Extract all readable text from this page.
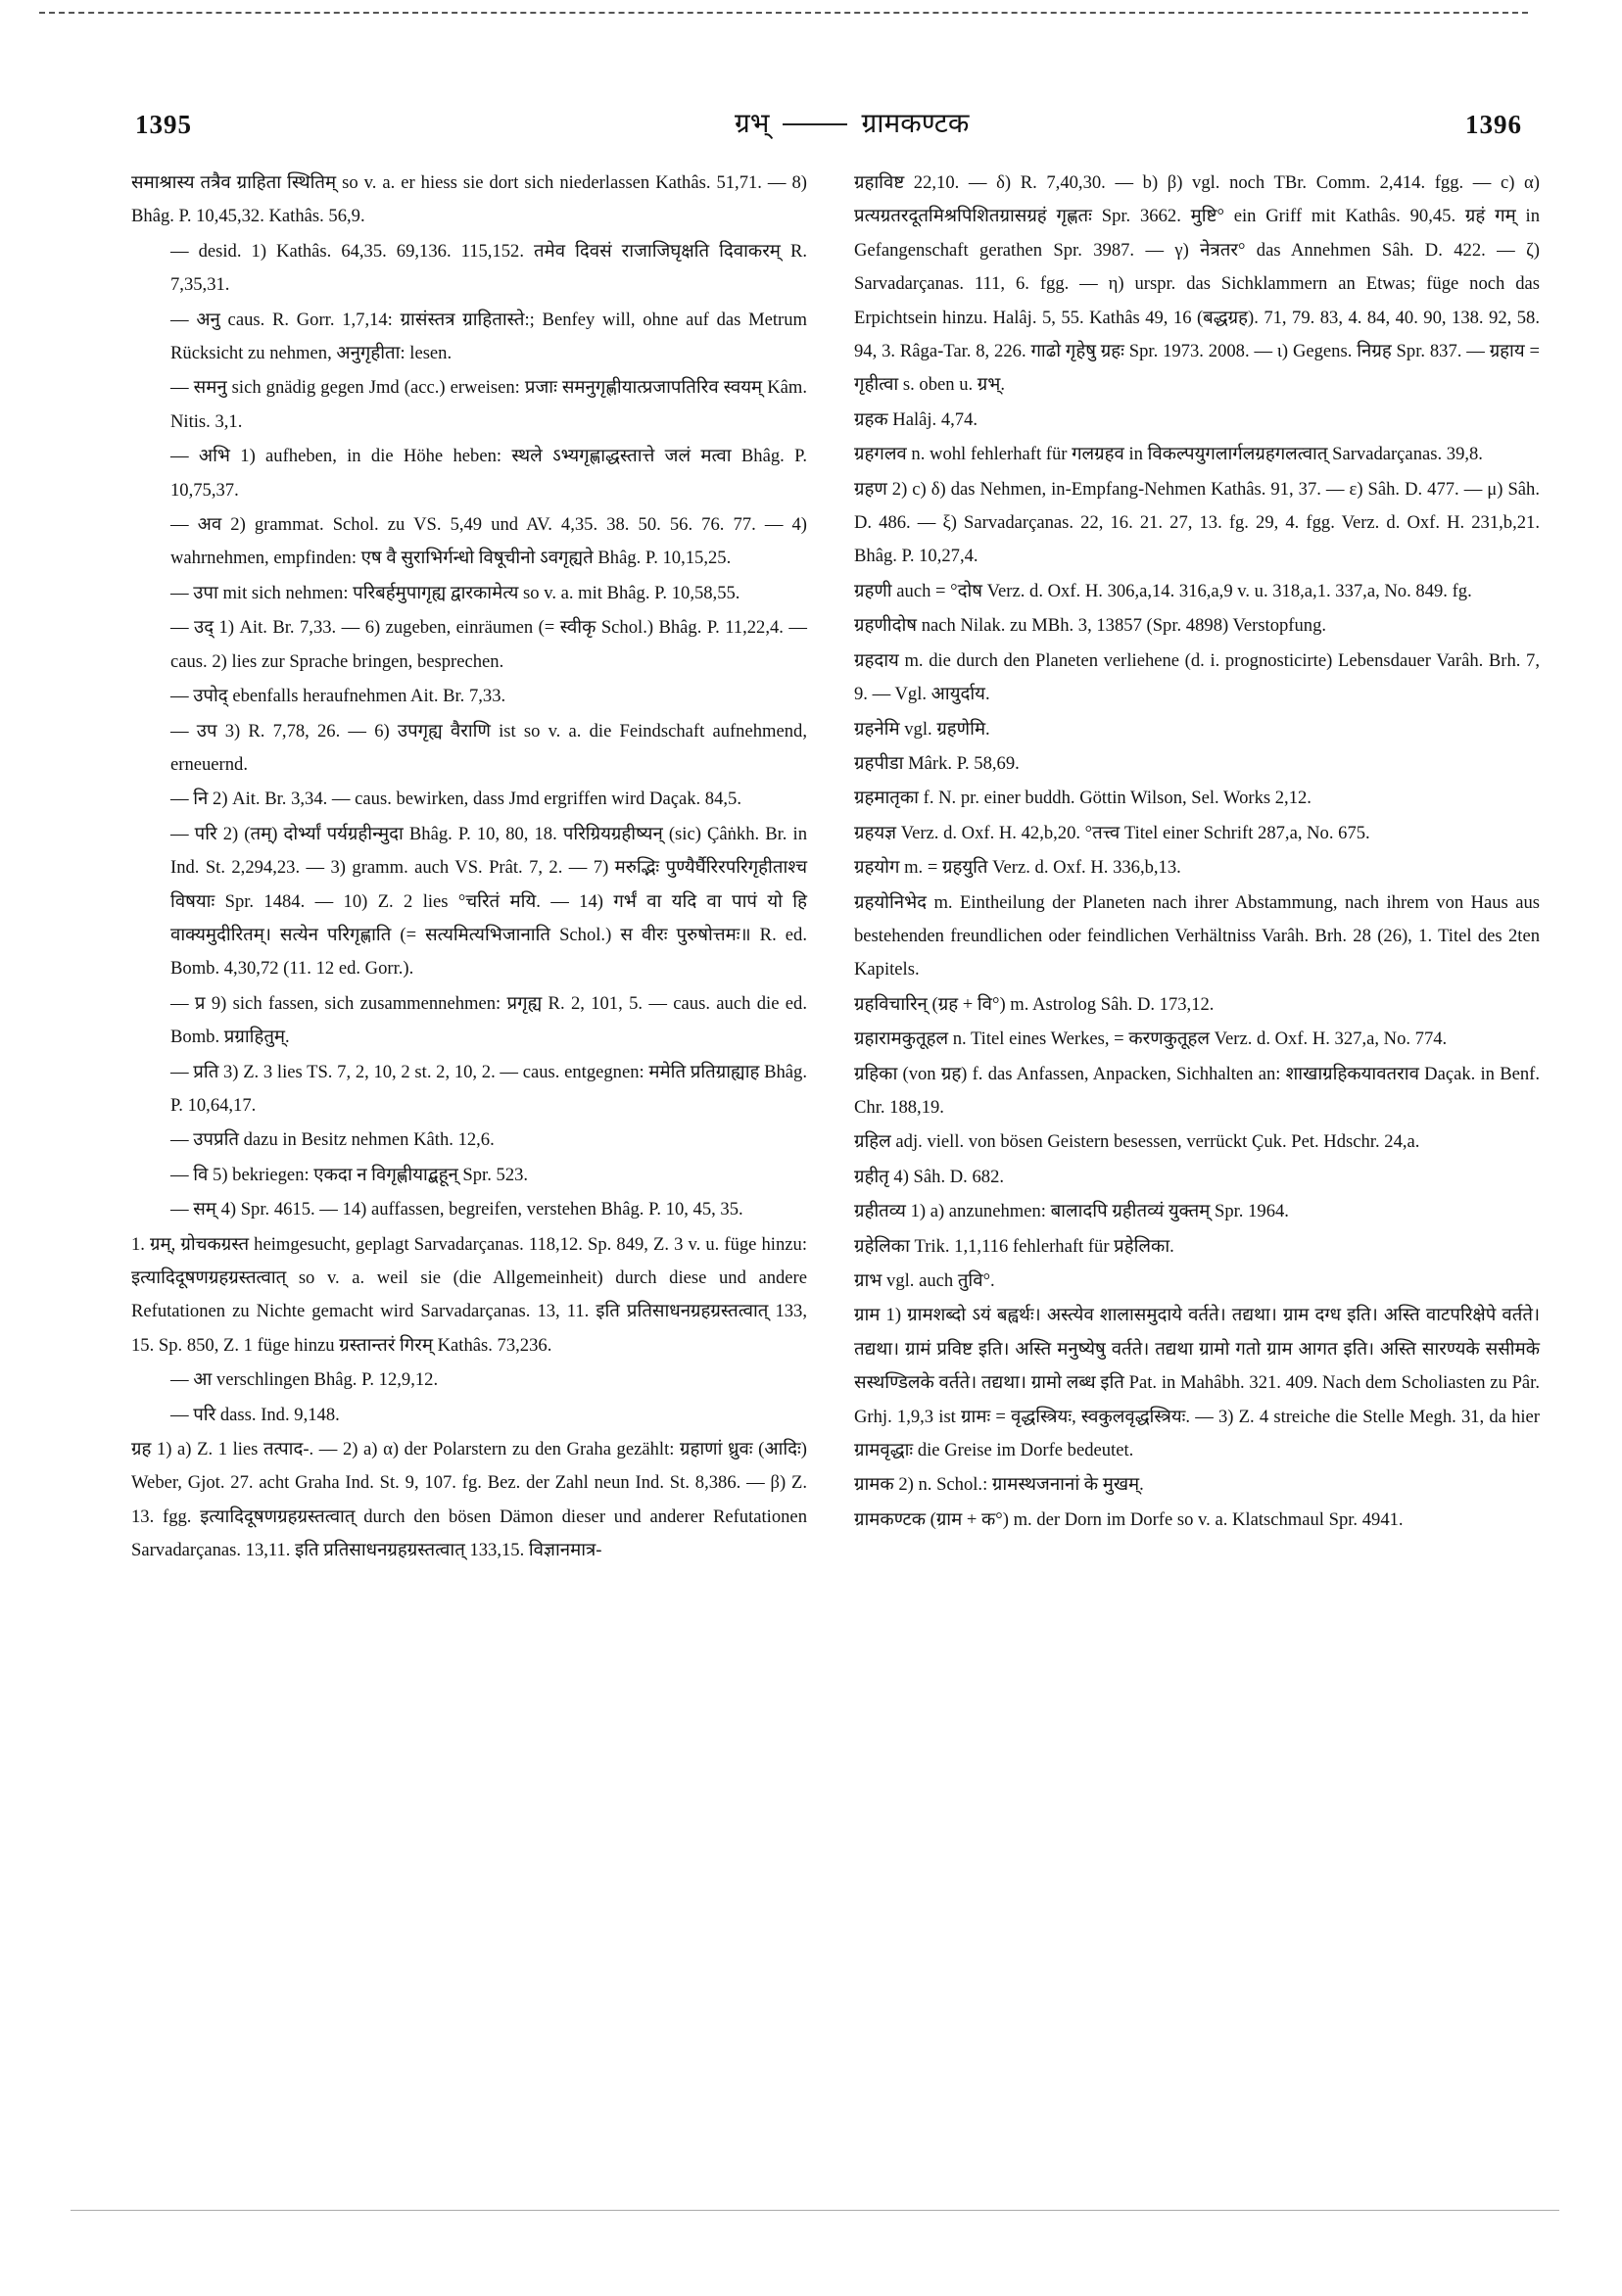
1395	ग्रभ्	ग्रामकण्टक	1396

समाश्रास्य तत्रैव ग्राहिता स्थितिम् so v. a. er hiess sie dort sich niederlassen Kathâs. 51,71. — 8) Bhâg. P. 10,45,32. Kathâs. 56,9.

— desid. 1) Kathâs. 64,35. 69,136. 115,152. तमेव दिवसं राजाजिघृक्षति दिवाकरम् R. 7,35,31.

— अनु caus. R. Gorr. 1,7,14: ग्रासंस्तत्र ग्राहितास्ते:; Benfey will, ohne auf das Metrum Rücksicht zu nehmen, अनुगृहीता: lesen.

— समनु sich gnädig gegen Jmd (acc.) erweisen: प्रजाः समनुगृह्णीयात्प्रजापतिरिव स्वयम् Kâm. Nitis. 3,1.

— अभि 1) aufheben, in die Höhe heben: स्थले ऽभ्यगृह्णाद्धस्तात्ते जलं मत्वा Bhâg. P. 10,75,37.

— अव 2) grammat. Schol. zu VS. 5,49 und AV. 4,35. 38. 50. 56. 76. 77. — 4) wahrnehmen, empfinden: एष वै सुराभिर्गन्धो विषूचीनो ऽवगृह्यते Bhâg. P. 10,15,25.

— उपा mit sich nehmen: परिबर्हमुपागृह्य द्वारकामेत्य so v. a. mit Bhâg. P. 10,58,55.

— उद् 1) Ait. Br. 7,33. — 6) zugeben, einräumen (= स्वीकृ Schol.) Bhâg. P. 11,22,4. — caus. 2) lies zur Sprache bringen, besprechen.

— उपोद् ebenfalls heraufnehmen Ait. Br. 7,33.

— उप 3) R. 7,78, 26. — 6) उपगृह्य वैराणि ist so v. a. die Feindschaft aufnehmend, erneuernd.

— नि 2) Ait. Br. 3,34. — caus. bewirken, dass Jmd ergriffen wird Daçak. 84,5.

— परि 2) (तम्) दोर्भ्यां पर्यग्रहीन्मुदा Bhâg. P. 10, 80, 18. परिग्रियग्रहीष्यन् (sic) Çâṅkh. Br. in Ind. St. 2,294,23. — 3) gramm. auch VS. Prât. 7, 2. — 7) मरुद्भिः पुण्यैर्घैरिरपरिगृहीताश्च विषयाः Spr. 1484. — 10) Z. 2 lies °चरितं मयि. — 14) गर्भं वा यदि वा पापं यो हि वाक्यमुदीरितम्। सत्येन परिगृह्णाति (= सत्यमित्यभिजानाति Schol.) स वीरः पुरुषोत्तमः॥ R. ed. Bomb. 4,30,72 (11. 12 ed. Gorr.).

— प्र 9) sich fassen, sich zusammennehmen: प्रगृह्य R. 2, 101, 5. — caus. auch die ed. Bomb. प्रग्राहितुम्.

— प्रति 3) Z. 3 lies TS. 7, 2, 10, 2 st. 2, 10, 2. — caus. entgegnen: ममेति प्रतिग्राह्याह Bhâg. P. 10,64,17.

— उपप्रति dazu in Besitz nehmen Kâth. 12,6.

— वि 5) bekriegen: एकदा न विगृह्णीयाद्बहून् Spr. 523.

— सम् 4) Spr. 4615. — 14) auffassen, begreifen, verstehen Bhâg. P. 10, 45, 35.

1. ग्रम्, ग्रोचकग्रस्त heimgesucht, geplagt Sarvadarçanas. 118,12. Sp. 849, Z. 3 v. u. füge hinzu: इत्यादिदूषणग्रहग्रस्तत्वात् so v. a. weil sie (die Allgemeinheit) durch diese und andere Refutationen zu Nichte gemacht wird Sarvadarçanas. 13, 11. इति प्रतिसाधनग्रहग्रस्तत्वात् 133, 15. Sp. 850, Z. 1 füge hinzu ग्रस्तान्तरं गिरम् Kathâs. 73,236.

— आ verschlingen Bhâg. P. 12,9,12.

— परि dass. Ind. 9,148.

ग्रह 1) a) Z. 1 lies तत्पाद-. — 2) a) α) der Polarstern zu den Graha gezählt: ग्रहाणां ध्रुवः (आदिः) Weber, Gjot. 27. acht Graha Ind. St. 9, 107. fg. Bez. der Zahl neun Ind. St. 8,386. — β) Z. 13. fgg. इत्यादिदूषणग्रहग्रस्तत्वात् durch den bösen Dämon dieser und anderer Refutationen Sarvadarçanas. 13,11. इति प्रतिसाधनग्रहग्रस्तत्वात् 133,15. विज्ञानमात्र-

ग्रहाविष्ट 22,10. — δ) R. 7,40,30. — b) β) vgl. noch TBr. Comm. 2,414. fgg. — c) α) प्रत्यग्रतरदूतमिश्रपिशितग्रासग्रहं गृह्णतः Spr. 3662. मुष्टि° ein Griff mit Kathâs. 90,45. ग्रहं गम् in Gefangenschaft gerathen Spr. 3987. — γ) नेत्रतर° das Annehmen Sâh. D. 422. — ζ) Sarvadarçanas. 111, 6. fgg. — η) urspr. das Sichklammern an Etwas; füge noch das Erpichtsein hinzu. Halâj. 5, 55. Kathâs 49, 16 (बद्धग्रह). 71, 79. 83, 4. 84, 40. 90, 138. 92, 58. 94, 3. Râga-Tar. 8, 226. गाढो गृहेषु ग्रहः Spr. 1973. 2008. — ι) Gegens. निग्रह Spr. 837. — ग्रहाय = गृहीत्वा s. oben u. ग्रभ्.

ग्रहक Halâj. 4,74.

ग्रहगलव n. wohl fehlerhaft für गलग्रहव in विकल्पयुगलार्गलग्रहगलत्वात् Sarvadarçanas. 39,8.

ग्रहण 2) c) δ) das Nehmen, in-Empfang-Nehmen Kathâs. 91, 37. — ε) Sâh. D. 477. — μ) Sâh. D. 486. — ξ) Sarvadarçanas. 22, 16. 21. 27, 13. fg. 29, 4. fgg. Verz. d. Oxf. H. 231,b,21. Bhâg. P. 10,27,4.

ग्रहणी auch = °दोष Verz. d. Oxf. H. 306,a,14. 316,a,9 v. u. 318,a,1. 337,a, No. 849. fg.

ग्रहणीदोष nach Nilak. zu MBh. 3, 13857 (Spr. 4898) Verstopfung.

ग्रहदाय m. die durch den Planeten verliehene (d. i. prognosticirte) Lebensdauer Varâh. Brh. 7, 9. — Vgl. आयुर्दाय.

ग्रहनेमि vgl. ग्रहणेमि.

ग्रहपीडा Mârk. P. 58,69.

ग्रहमातृका f. N. pr. einer buddh. Göttin Wilson, Sel. Works 2,12.

ग्रहयज्ञ Verz. d. Oxf. H. 42,b,20. °तत्त्व Titel einer Schrift 287,a, No. 675.

ग्रहयोग m. = ग्रहयुति Verz. d. Oxf. H. 336,b,13.

ग्रहयोनिभेद m. Eintheilung der Planeten nach ihrer Abstammung, nach ihrem von Haus aus bestehenden freundlichen oder feindlichen Verhältniss Varâh. Brh. 28 (26), 1. Titel des 2ten Kapitels.

ग्रहविचारिन् (ग्रह + वि°) m. Astrolog Sâh. D. 173,12.

ग्रहारामकुतूहल n. Titel eines Werkes, = करणकुतूहल Verz. d. Oxf. H. 327,a, No. 774.

ग्रहिका (von ग्रह) f. das Anfassen, Anpacken, Sichhalten an: शाखाग्रहिकयावतराव Daçak. in Benf. Chr. 188,19.

ग्रहिल adj. viell. von bösen Geistern besessen, verrückt Çuk. Pet. Hdschr. 24,a.

ग्रहीतृ 4) Sâh. D. 682.

ग्रहीतव्य 1) a) anzunehmen: बालादपि ग्रहीतव्यं युक्तम् Spr. 1964.

ग्रहेलिका Trik. 1,1,116 fehlerhaft für प्रहेलिका.

ग्राभ vgl. auch तुवि°.

ग्राम 1) ग्रामशब्दो ऽयं बह्वर्थः। अस्त्येव शालासमुदाये वर्तते। तद्यथा। ग्राम दग्ध इति। अस्ति वाटपरिक्षेपे वर्तते। तद्यथा। ग्रामं प्रविष्ट इति। अस्ति मनुष्येषु वर्तते। तद्यथा ग्रामो गतो ग्राम आगत इति। अस्ति सारण्यके ससीमके सस्थण्डिलके वर्तते। तद्यथा। ग्रामो लब्ध इति Pat. in Mahâbh. 321. 409. Nach dem Scholiasten zu Pâr. Grhj. 1,9,3 ist ग्रामः = वृद्धस्त्रियः, स्वकुलवृद्धस्त्रियः. — 3) Z. 4 streiche die Stelle Megh. 31, da hier ग्रामवृद्धाः die Greise im Dorfe bedeutet.

ग्रामक 2) n. Schol.: ग्रामस्थजनानां के मुखम्.

ग्रामकण्टक (ग्राम + क°) m. der Dorn im Dorfe so v. a. Klatschmaul Spr. 4941.
